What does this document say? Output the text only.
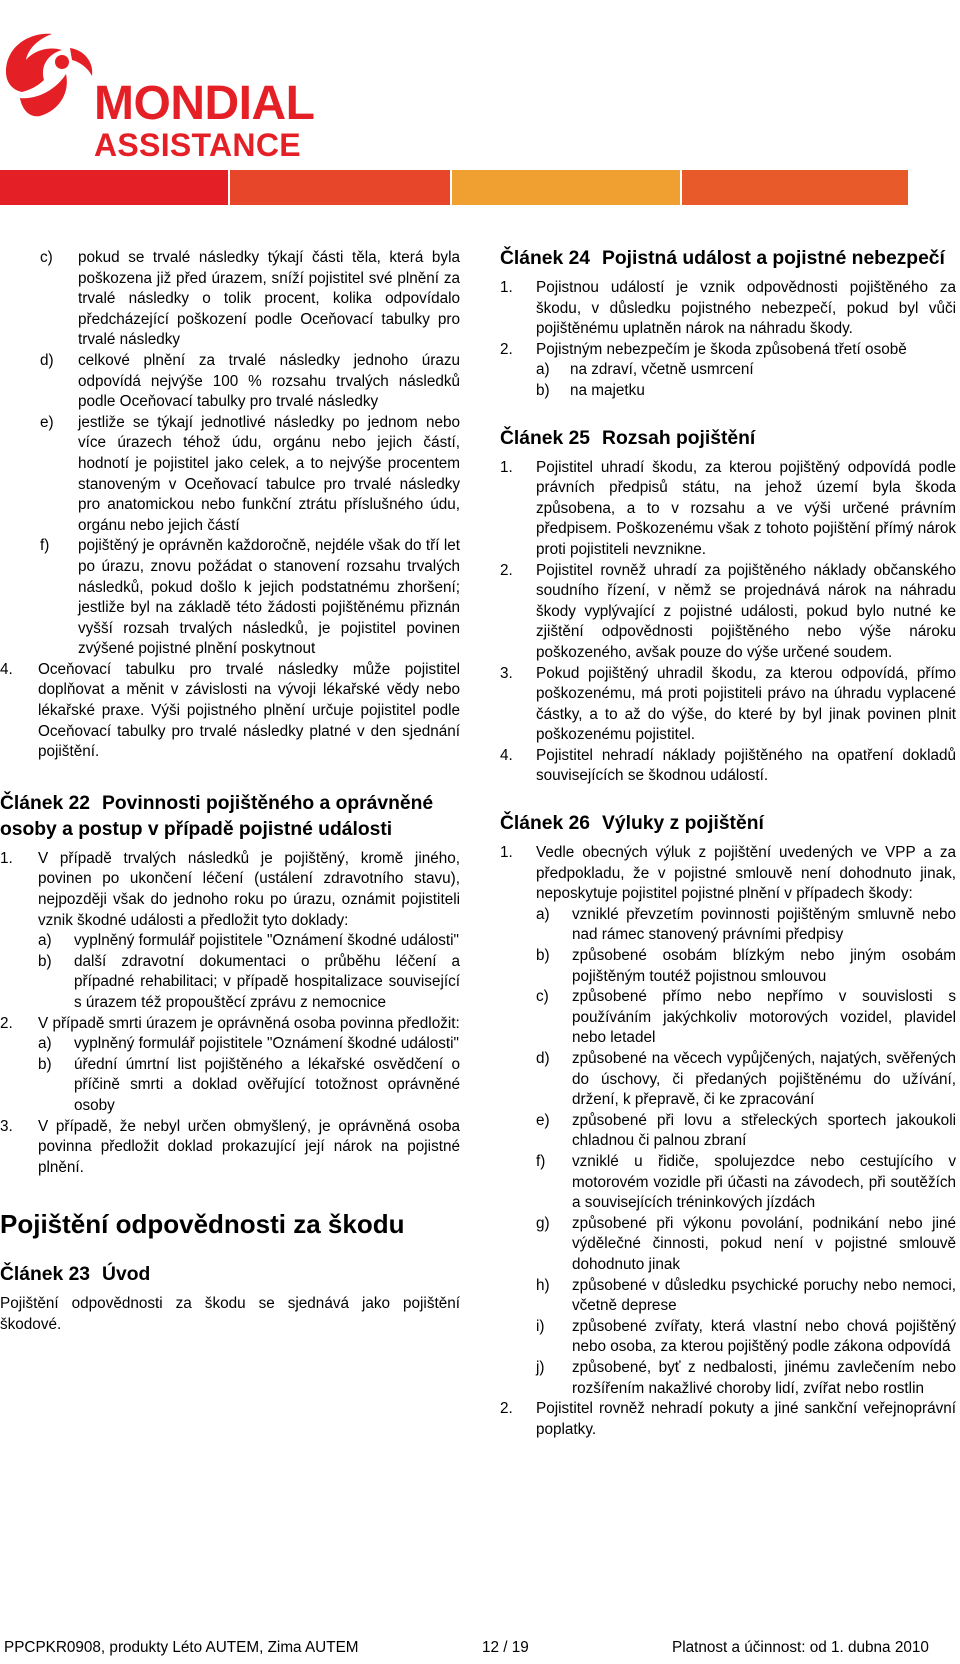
MONDIAL
ASSISTANCE
c)	pokud se trvalé následky týkají části těla, která byla poškozena již před úrazem, sníží pojistitel své plnění za trvalé následky o tolik procent, kolika odpovídalo předcházející poškození podle Oceňovací tabulky pro trvalé následky
d)	celkové plnění za trvalé následky jednoho úrazu odpovídá nejvýše 100 % rozsahu trvalých následků podle Oceňovací tabulky pro trvalé následky
e)	jestliže se týkají jednotlivé následky po jednom nebo více úrazech téhož údu, orgánu nebo jejich částí, hodnotí je pojistitel jako celek, a to nejvýše procentem stanoveným v Oceňovací tabulce pro trvalé následky pro anatomickou nebo funkční ztrátu příslušného údu, orgánu nebo jejich částí
f)	pojištěný je oprávněn každoročně, nejdéle však do tří let po úrazu, znovu požádat o stanovení rozsahu trvalých následků, pokud došlo k jejich podstatnému zhoršení; jestliže byl na základě této žádosti pojištěnému přiznán vyšší rozsah trvalých následků, je pojistitel povinen zvýšené pojistné plnění poskytnout
4.	Oceňovací tabulku pro trvalé následky může pojistitel doplňovat a měnit v závislosti na vývoji lékařské vědy nebo lékařské praxe. Výši pojistného plnění určuje pojistitel podle Oceňovací tabulky pro trvalé následky platné v den sjednání pojištění.
Článek 22 Povinnosti pojištěného a oprávněné osoby a postup v případě pojistné události
1.	V případě trvalých následků je pojištěný, kromě jiného, povinen po ukončení léčení (ustálení zdravotního stavu), nejpozději však do jednoho roku po úrazu, oznámit pojistiteli vznik škodné události a předložit tyto doklady:
a)	vyplněný formulář pojistitele "Oznámení škodné události"
b)	další zdravotní dokumentaci o průběhu léčení a případné rehabilitaci; v případě hospitalizace související s úrazem též propouštěcí zprávu z nemocnice
2.	V případě smrti úrazem je oprávněná osoba povinna předložit:
a)	vyplněný formulář pojistitele "Oznámení škodné události"
b)	úřední úmrtní list pojištěného a lékařské osvědčení o příčině smrti a doklad ověřující totožnost oprávněné osoby
3.	V případě, že nebyl určen obmyšlený, je oprávněná osoba povinna předložit doklad prokazující její nárok na pojistné plnění.
Pojištění odpovědnosti za škodu
Článek 23 Úvod

Pojištění odpovědnosti za škodu se sjednává jako pojištění škodové.

Článek 24 Pojistná událost a pojistné nebezpečí
1.	Pojistnou událostí je vznik odpovědnosti pojištěného za škodu, v důsledku pojistného nebezpečí, pokud byl vůči pojištěnému uplatněn nárok na náhradu škody.
2.	Pojistným nebezpečím je škoda způsobená třetí osobě
a)	na zdraví, včetně usmrcení
b)	na majetku
Článek 25 Rozsah pojištění
1.	Pojistitel uhradí škodu, za kterou pojištěný odpovídá podle právních předpisů státu, na jehož území byla škoda způsobena, a to v rozsahu a ve výši určené právním předpisem. Poškozenému však z tohoto pojištění přímý nárok proti pojistiteli nevznikne.
2.	Pojistitel rovněž uhradí za pojištěného náklady občanského soudního řízení, v němž se projednává nárok na náhradu škody vyplývající z pojistné události, pokud bylo nutné ke zjištění odpovědnosti pojištěného nebo výše nároku poškozeného, avšak pouze do výše určené soudem.
3.	Pokud pojištěný uhradil škodu, za kterou odpovídá, přímo poškozenému, má proti pojistiteli právo na úhradu vyplacené částky, a to až do výše, do které by byl jinak povinen plnit poškozenému pojistitel.
4.	Pojistitel nehradí náklady pojištěného na opatření dokladů souvisejících se škodnou událostí.
Článek 26 Výluky z pojištění
1.	Vedle obecných výluk z pojištění uvedených ve VPP a za předpokladu, že v pojistné smlouvě není dohodnuto jinak, neposkytuje pojistitel pojistné plnění v případech škody:
a)	vzniklé převzetím povinnosti pojištěným smluvně nebo nad rámec stanovený právními předpisy
b)	způsobené osobám blízkým nebo jiným osobám pojištěným toutéž pojistnou smlouvou
c)	způsobené přímo nebo nepřímo v souvislosti s používáním jakýchkoliv motorových vozidel, plavidel nebo letadel
d)	způsobené na věcech vypůjčených, najatých, svěřených do úschovy, či předaných pojištěnému do užívání, držení, k přepravě, či ke zpracování
e)	způsobené při lovu a střeleckých sportech jakoukoli chladnou či palnou zbraní
f)	vzniklé u řidiče, spolujezdce nebo cestujícího v motorovém vozidle při účasti na závodech, při soutěžích a souvisejících tréninkových jízdách
g)	způsobené při výkonu povolání, podnikání nebo jiné výdělečné činnosti, pokud není v pojistné smlouvě dohodnuto jinak
h)	způsobené v důsledku psychické poruchy nebo nemoci, včetně deprese
i)	způsobené zvířaty, která vlastní nebo chová pojištěný nebo osoba, za kterou pojištěný podle zákona odpovídá
j)	způsobené, byť z nedbalosti, jinému zavlečením nebo rozšířením nakažlivé choroby lidí, zvířat nebo rostlin
2.	Pojistitel rovněž nehradí pokuty a jiné sankční veřejnoprávní poplatky.
PPCPKR0908, produkty Léto AUTEM, Zima AUTEM	12 / 19	Platnost a účinnost: od 1. dubna 2010
